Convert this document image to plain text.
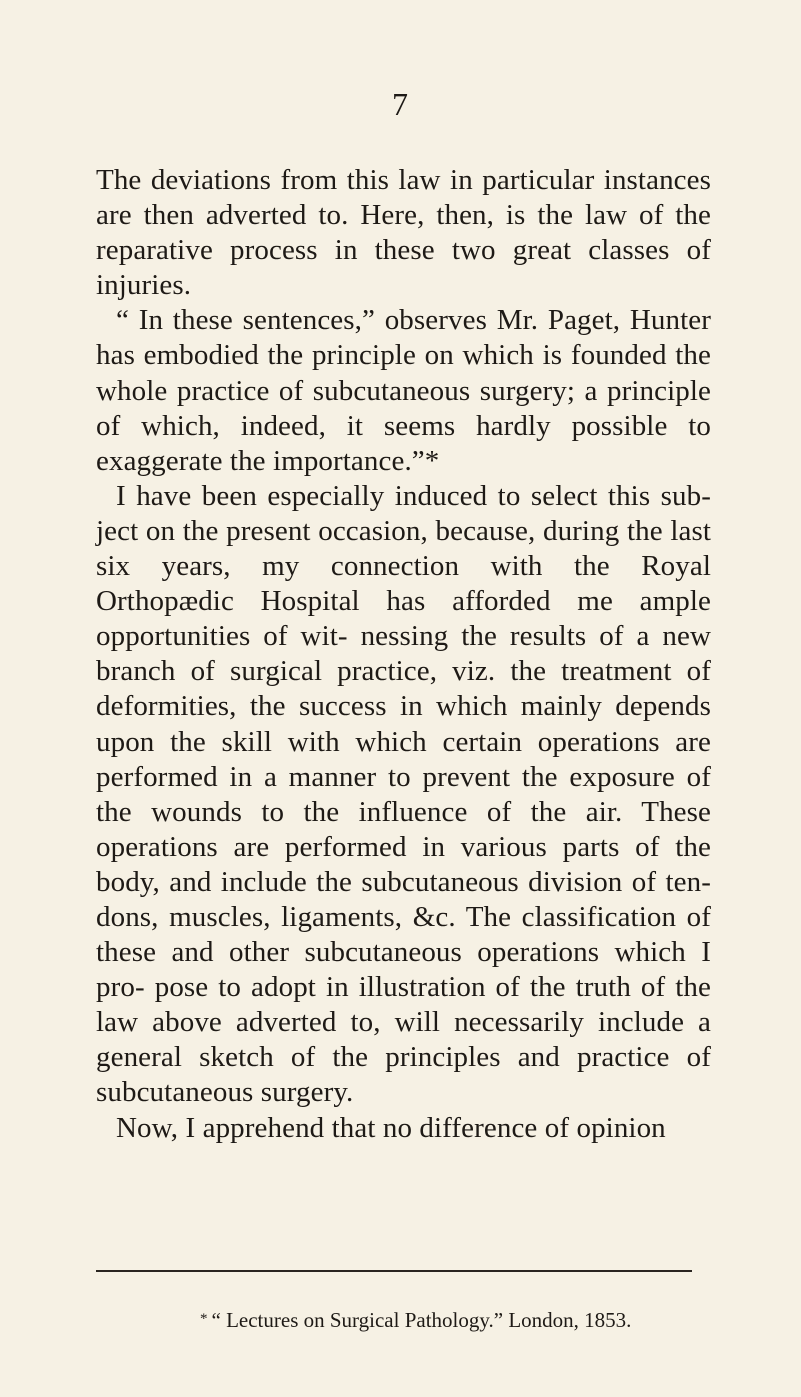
7

The deviations from this law in particular instances are then adverted to. Here, then, is the law of the reparative process in these two great classes of injuries.

“ In these sentences,” observes Mr. Paget, Hunter has embodied the principle on which is founded the whole practice of subcutaneous surgery; a principle of which, indeed, it seems hardly possible to exaggerate the importance.”*

I have been especially induced to select this sub- ject on the present occasion, because, during the last six years, my connection with the Royal Orthopædic Hospital has afforded me ample opportunities of wit- nessing the results of a new branch of surgical practice, viz. the treatment of deformities, the success in which mainly depends upon the skill with which certain operations are performed in a manner to prevent the exposure of the wounds to the influence of the air. These operations are performed in various parts of the body, and include the subcutaneous division of ten- dons, muscles, ligaments, &c. The classification of these and other subcutaneous operations which I pro- pose to adopt in illustration of the truth of the law above adverted to, will necessarily include a general sketch of the principles and practice of subcutaneous surgery.

Now, I apprehend that no difference of opinion

* “ Lectures on Surgical Pathology.” London, 1853.
